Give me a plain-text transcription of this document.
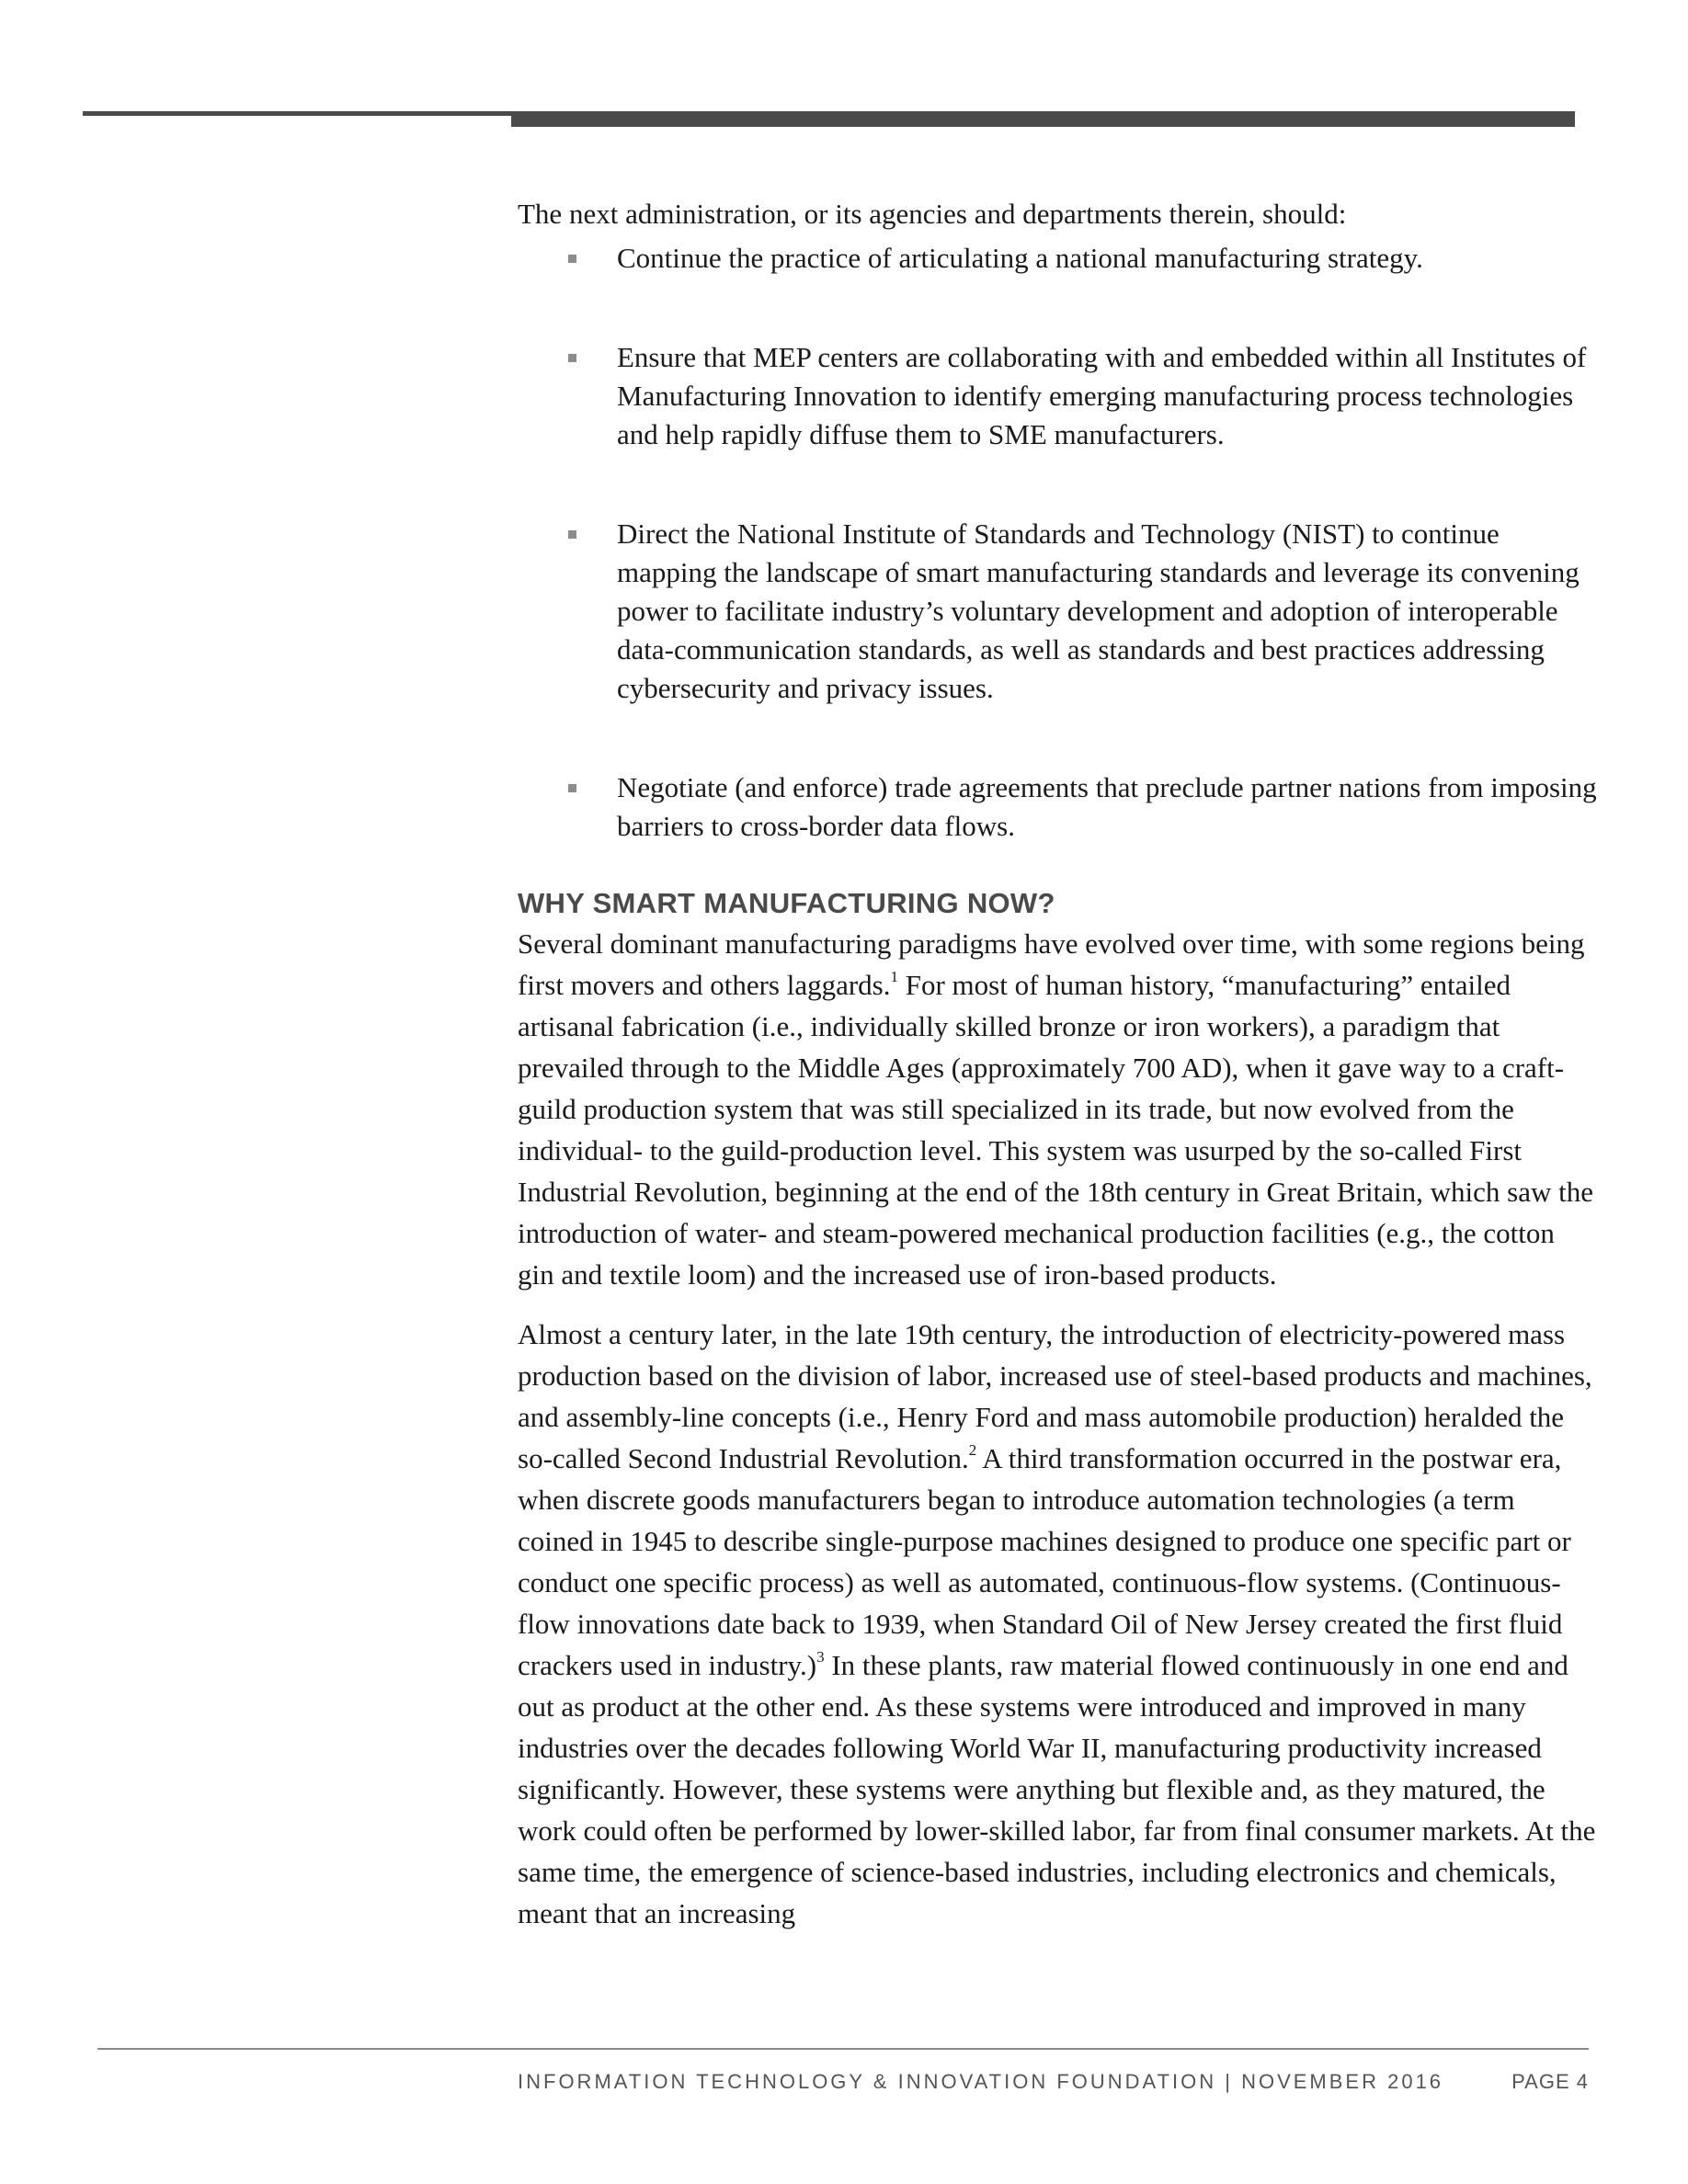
The next administration, or its agencies and departments therein, should:

Continue the practice of articulating a national manufacturing strategy.
Ensure that MEP centers are collaborating with and embedded within all Institutes of Manufacturing Innovation to identify emerging manufacturing process technologies and help rapidly diffuse them to SME manufacturers.
Direct the National Institute of Standards and Technology (NIST) to continue mapping the landscape of smart manufacturing standards and leverage its convening power to facilitate industry’s voluntary development and adoption of interoperable data-communication standards, as well as standards and best practices addressing cybersecurity and privacy issues.
Negotiate (and enforce) trade agreements that preclude partner nations from imposing barriers to cross-border data flows.
WHY SMART MANUFACTURING NOW?

Several dominant manufacturing paradigms have evolved over time, with some regions being first movers and others laggards.$^1$ For most of human history, “manufacturing” entailed artisanal fabrication (i.e., individually skilled bronze or iron workers), a paradigm that prevailed through to the Middle Ages (approximately 700 AD), when it gave way to a craft-guild production system that was still specialized in its trade, but now evolved from the individual- to the guild-production level. This system was usurped by the so-called First Industrial Revolution, beginning at the end of the 18th century in Great Britain, which saw the introduction of water- and steam-powered mechanical production facilities (e.g., the cotton gin and textile loom) and the increased use of iron-based products.

Almost a century later, in the late 19th century, the introduction of electricity-powered mass production based on the division of labor, increased use of steel-based products and machines, and assembly-line concepts (i.e., Henry Ford and mass automobile production) heralded the so-called Second Industrial Revolution.$^2$ A third transformation occurred in the postwar era, when discrete goods manufacturers began to introduce automation technologies (a term coined in 1945 to describe single-purpose machines designed to produce one specific part or conduct one specific process) as well as automated, continuous-flow systems. (Continuous-flow innovations date back to 1939, when Standard Oil of New Jersey created the first fluid crackers used in industry.)$^3$ In these plants, raw material flowed continuously in one end and out as product at the other end. As these systems were introduced and improved in many industries over the decades following World War II, manufacturing productivity increased significantly. However, these systems were anything but flexible and, as they matured, the work could often be performed by lower-skilled labor, far from final consumer markets. At the same time, the emergence of science-based industries, including electronics and chemicals, meant that an increasing

INFORMATION TECHNOLOGY & INNOVATION FOUNDATION | NOVEMBER 2016	PAGE 4
